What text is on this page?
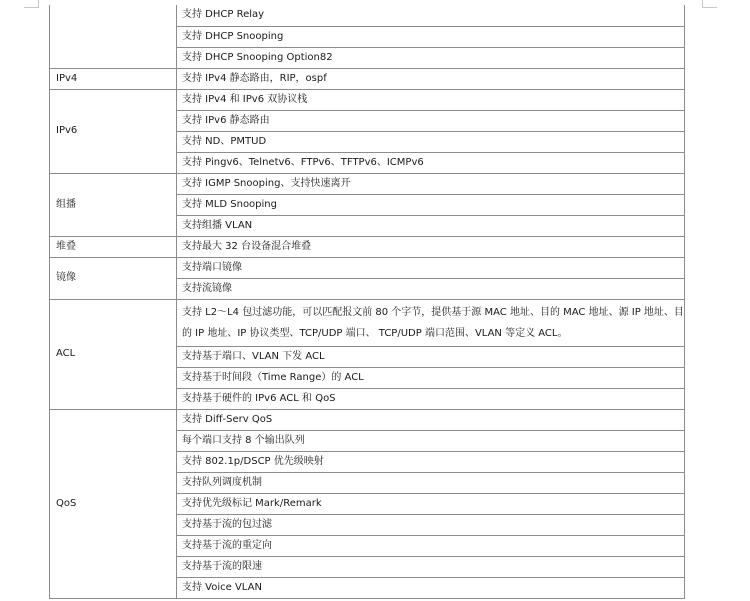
	支持 DHCP Relay
	支持 DHCP Snooping
	支持 DHCP Snooping Option82
IPv4	支持 IPv4 静态路由，RIP，ospf
IPv6	支持 IPv4 和 IPv6 双协议栈
	支持 IPv6 静态路由
	支持 ND、PMTUD
	支持 Pingv6、Telnetv6、FTPv6、TFTPv6、ICMPv6
组播	支持 IGMP Snooping、支持快速离开
	支持 MLD Snooping
	支持组播 VLAN
堆叠	支持最大 32 台设备混合堆叠
镜像	支持端口镜像
	支持流镜像
ACL	支持 L2～L4 包过滤功能，可以匹配报文前 80 个字节，提供基于源 MAC 地址、目的 MAC 地址、源 IP 地址、目的 IP 地址、IP 协议类型、TCP/UDP 端口、 TCP/UDP 端口范围、VLAN 等定义 ACL。
	支持基于端口、VLAN 下发 ACL
	支持基于时间段（Time Range）的 ACL
	支持基于硬件的 IPv6 ACL 和 QoS
QoS	支持 Diff-Serv QoS
	每个端口支持 8 个输出队列
	支持 802.1p/DSCP 优先级映射
	支持队列调度机制
	支持优先级标记 Mark/Remark
	支持基于流的包过滤
	支持基于流的重定向
	支持基于流的限速
	支持 Voice VLAN
